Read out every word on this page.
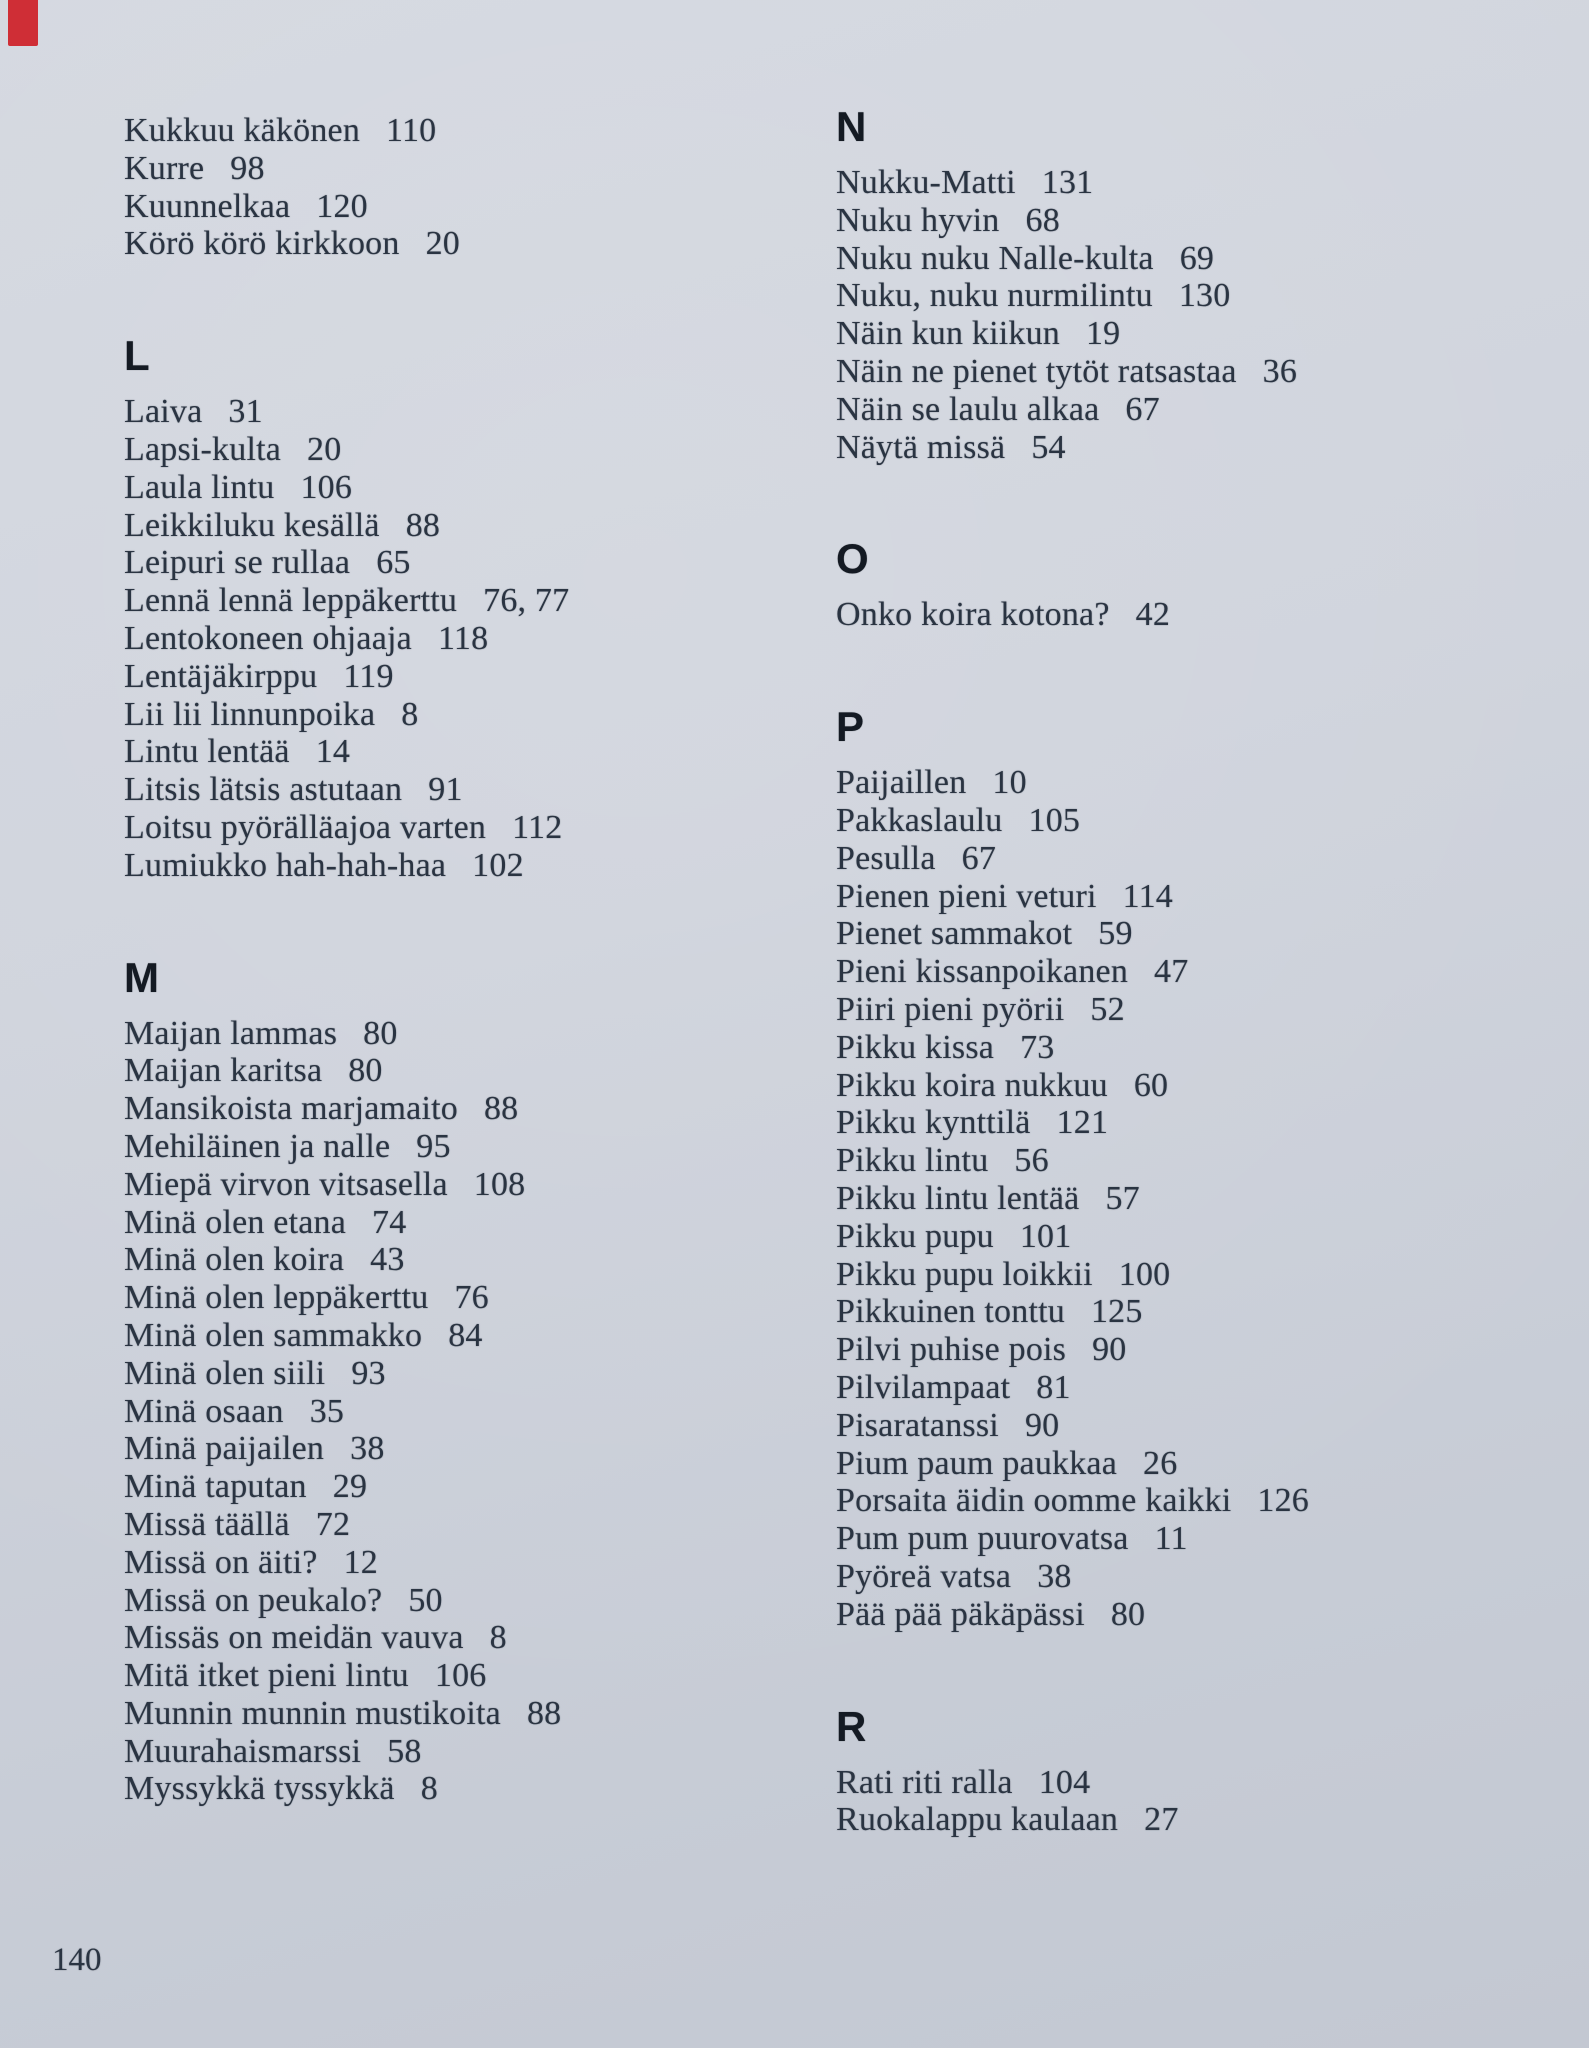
Kukkuu käkönen 110
Kurre 98
Kuunnelkaa 120
Körö körö kirkkoon 20
L
Laiva 31
Lapsi-kulta 20
Laula lintu 106
Leikkiluku kesällä 88
Leipuri se rullaa 65
Lennä lennä leppäkerttu 76, 77
Lentokoneen ohjaaja 118
Lentäjäkirppu 119
Lii lii linnunpoika 8
Lintu lentää 14
Litsis lätsis astutaan 91
Loitsu pyörälläajoa varten 112
Lumiukko hah-hah-haa 102
M
Maijan lammas 80
Maijan karitsa 80
Mansikoista marjamaito 88
Mehiläinen ja nalle 95
Miepä virvon vitsasella 108
Minä olen etana 74
Minä olen koira 43
Minä olen leppäkerttu 76
Minä olen sammakko 84
Minä olen siili 93
Minä osaan 35
Minä paijailen 38
Minä taputan 29
Missä täällä 72
Missä on äiti? 12
Missä on peukalo? 50
Missäs on meidän vauva 8
Mitä itket pieni lintu 106
Munnin munnin mustikoita 88
Muurahaismarssi 58
Myssykkä tyssykkä 8
N
Nukku-Matti 131
Nuku hyvin 68
Nuku nuku Nalle-kulta 69
Nuku, nuku nurmilintu 130
Näin kun kiikun 19
Näin ne pienet tytöt ratsastaa 36
Näin se laulu alkaa 67
Näytä missä 54
O
Onko koira kotona? 42
P
Paijaillen 10
Pakkaslaulu 105
Pesulla 67
Pienen pieni veturi 114
Pienet sammakot 59
Pieni kissanpoikanen 47
Piiri pieni pyörii 52
Pikku kissa 73
Pikku koira nukkuu 60
Pikku kynttilä 121
Pikku lintu 56
Pikku lintu lentää 57
Pikku pupu 101
Pikku pupu loikkii 100
Pikkuinen tonttu 125
Pilvi puhise pois 90
Pilvilampaat 81
Pisaratanssi 90
Pium paum paukkaa 26
Porsaita äidin oomme kaikki 126
Pum pum puurovatsa 11
Pyöreä vatsa 38
Pää pää päkäpässi 80
R
Rati riti ralla 104
Ruokalappu kaulaan 27
140
